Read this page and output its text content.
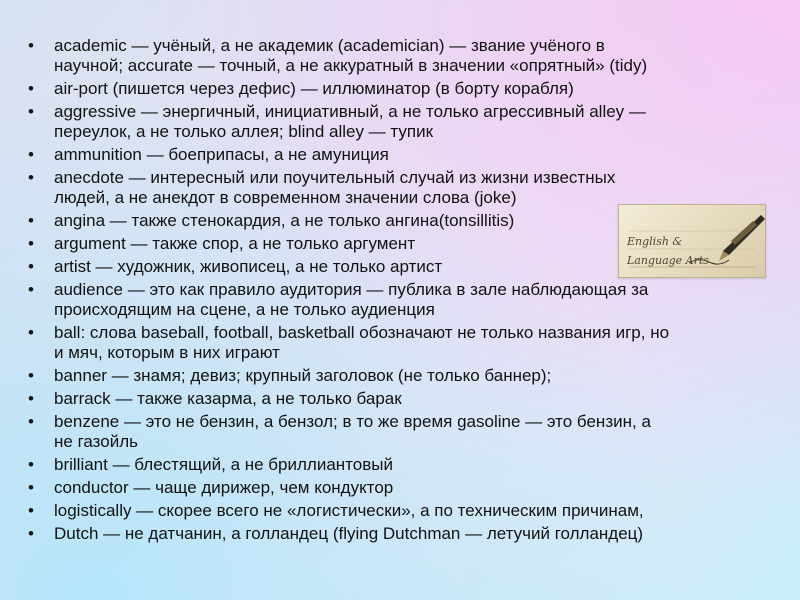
• academic — учёный, а не академик (academician) — звание учёного в
научной; accurate — точный, а не аккуратный в значении «опрятный» (tidy)
• air-port (пишется через дефис) — иллюминатор (в борту корабля)
• aggressive — энергичный, инициативный, а не только агрессивный alley —
переулок, а не только аллея; blind alley — тупик
• ammunition — боеприпасы, а не амуниция
• anecdote — интересный или поучительный случай из жизни известных
людей, а не анекдот в современном значении слова (joke)
• angina — также стенокардия, а не только ангина(tonsillitis)
• argument — также спор, а не только аргумент
• artist — художник, живописец, а не только артист
• audience — это как правило аудитория — публика в зале наблюдающая за
происходящим на сцене, а не только аудиенция
• ball: слова baseball, football, basketball обозначают не только названия игр, но
и мяч, которым в них играют
• banner — знамя; девиз; крупный заголовок (не только баннер);
• barrack — также казарма, а не только барак
• benzene — это не бензин, а бензол; в то же время gasoline — это бензин, а
не газойль
• brilliant — блестящий, а не бриллиантовый
• conductor — чаще дирижер, чем кондуктор
• logistically — скорее всего не «логистически», а по техническим причинам,
• Dutch — не датчанин, а голландец (flying Dutchman — летучий голландец)
English &
Language Arts
